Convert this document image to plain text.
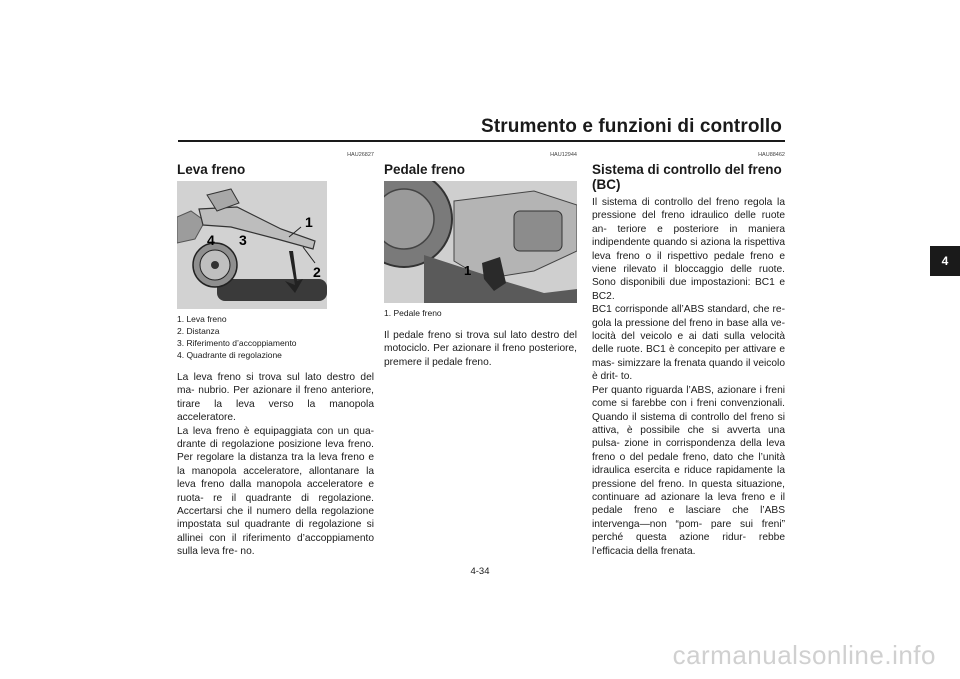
Strumento e funzioni di controllo
4
HAU26827
Leva freno
1
2
3
4
1. Leva freno
2. Distanza
3. Riferimento d’accoppiamento
4. Quadrante di regolazione

La leva freno si trova sul lato destro del ma- nubrio. Per azionare il freno anteriore, tirare la leva verso la manopola acceleratore.

La leva freno è equipaggiata con un qua- drante di regolazione posizione leva freno. Per regolare la distanza tra la leva freno e la manopola acceleratore, allontanare la leva freno dalla manopola acceleratore e ruota- re il quadrante di regolazione. Accertarsi che il numero della regolazione impostata sul quadrante di regolazione si allinei con il riferimento d’accoppiamento sulla leva fre- no.

HAU12944
Pedale freno
1
1. Pedale freno

Il pedale freno si trova sul lato destro del motociclo. Per azionare il freno posteriore, premere il pedale freno.

HAU88462
Sistema di controllo del freno (BC)

Il sistema di controllo del freno regola la pressione del freno idraulico delle ruote an- teriore e posteriore in maniera indipendente quando si aziona la rispettiva leva freno o il rispettivo pedale freno e viene rilevato il bloccaggio delle ruote. Sono disponibili due impostazioni: BC1 e BC2.

BC1 corrisponde all’ABS standard, che re- gola la pressione del freno in base alla ve- locità del veicolo e ai dati sulla velocità delle ruote. BC1 è concepito per attivare e mas- simizzare la frenata quando il veicolo è drit- to.

Per quanto riguarda l’ABS, azionare i freni come si farebbe con i freni convenzionali. Quando il sistema di controllo del freno si attiva, è possibile che si avverta una pulsa- zione in corrispondenza della leva freno o del pedale freno, dato che l’unità idraulica esercita e riduce rapidamente la pressione del freno. In questa situazione, continuare ad azionare la leva freno e il pedale freno e lasciare che l’ABS intervenga—non “pom- pare sui freni” perché questa azione ridur- rebbe l’efficacia della frenata.

4-34
carmanualsonline.info
